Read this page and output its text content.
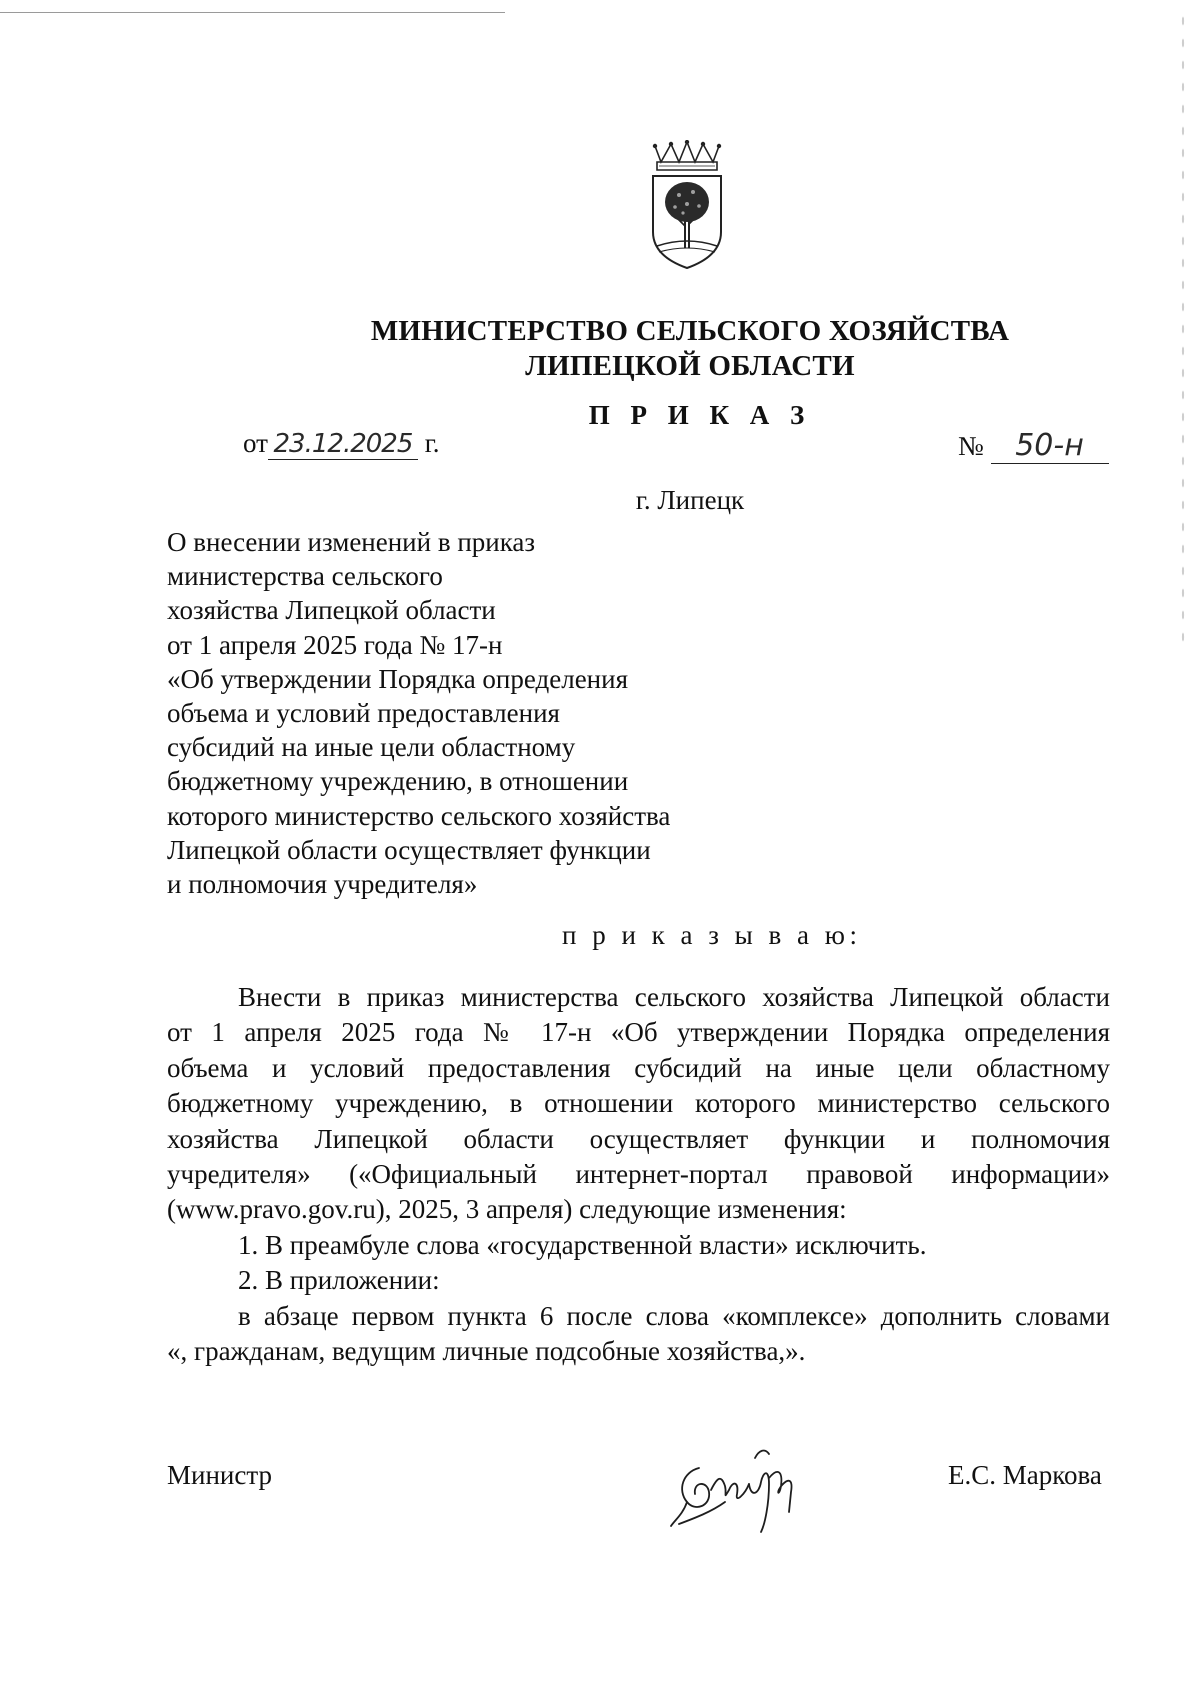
МИНИСТЕРСТВО СЕЛЬСКОГО ХОЗЯЙСТВА
ЛИПЕЦКОЙ ОБЛАСТИ
П Р И К А З
от 23.12.2025 г.	№ 50-н
г. Липецк
О внесении изменений в приказ
министерства сельского
хозяйства Липецкой области
от 1 апреля 2025 года № 17-н
«Об утверждении Порядка определения
объема и условий предоставления
субсидий на иные цели областному
бюджетному учреждению, в отношении
которого министерство сельского хозяйства
Липецкой области осуществляет функции
и полномочия учредителя»
п р и к а з ы в а ю:
Внести в приказ министерства сельского хозяйства Липецкой области
от 1 апреля 2025 года № 17-н «Об утверждении Порядка определения
объема и условий предоставления субсидий на иные цели областному
бюджетному учреждению, в отношении которого министерство сельского
хозяйства Липецкой области осуществляет функции и полномочия
учредителя» («Официальный интернет-портал правовой информации»
(www.pravo.gov.ru), 2025, 3 апреля) следующие изменения:
1. В преамбуле слова «государственной власти» исключить.
2. В приложении:
в абзаце первом пункта 6 после слова «комплексе» дополнить словами
«, гражданам, ведущим личные подсобные хозяйства,».
Министр	Е.С. Маркова
